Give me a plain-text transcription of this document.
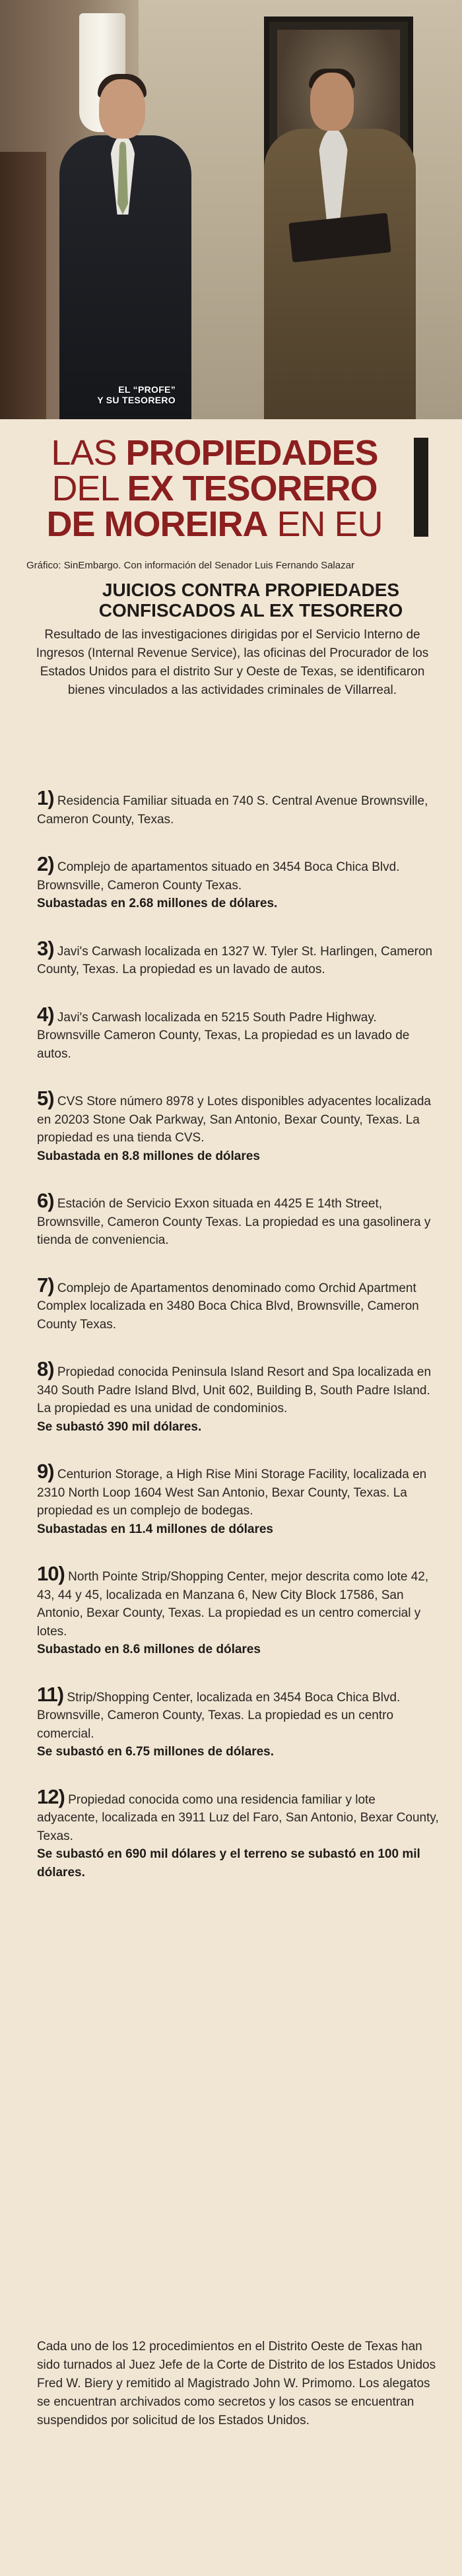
EL “PROFE”
Y SU TESORERO
LAS PROPIEDADES
DEL EX TESORERO
DE MOREIRA EN EU
Gráfico: SinEmbargo. Con información del Senador Luis Fernando Salazar
JUICIOS CONTRA PROPIEDADES
CONFISCADOS AL EX TESORERO
Resultado de las investigaciones dirigidas por el Servicio Interno de Ingresos (Internal Revenue Service), las oficinas del Procurador de los Estados Unidos para el distrito Sur y Oeste de Texas, se identificaron bienes vinculados a las actividades criminales de Villarreal.
1) Residencia Familiar situada en 740 S. Central Avenue Brownsville, Cameron County, Texas.
2) Complejo de apartamentos situado en 3454 Boca Chica Blvd. Brownsville, Cameron County Texas.
Subastadas en 2.68 millones de dólares.
3) Javi's Carwash localizada en 1327 W. Tyler St. Harlingen, Cameron County, Texas. La propiedad es un lavado de autos.
4) Javi's Carwash localizada en 5215 South Padre Highway. Brownsville Cameron County, Texas, La propiedad es un lavado de autos.
5) CVS Store número 8978 y Lotes disponibles adyacentes localizada en 20203 Stone Oak Parkway, San Antonio, Bexar County, Texas. La propiedad es una tienda CVS.
Subastada en 8.8 millones de dólares
6) Estación de Servicio Exxon situada en 4425 E 14th Street, Brownsville, Cameron County Texas. La propiedad es una gasolinera y tienda de conveniencia.
7) Complejo de Apartamentos denominado como Orchid Apartment Complex localizada en 3480 Boca Chica Blvd, Brownsville, Cameron County Texas.
8) Propiedad conocida Peninsula Island Resort and Spa localizada en 340 South Padre Island Blvd, Unit 602, Building B, South Padre Island. La propiedad es una unidad de condominios.
Se subastó 390 mil dólares.
9) Centurion Storage, a High Rise Mini Storage Facility, localizada en 2310 North Loop 1604 West San Antonio, Bexar County, Texas. La propiedad es un complejo de bodegas.
Subastadas en 11.4 millones de dólares
10) North Pointe Strip/Shopping Center, mejor descrita como lote 42, 43, 44 y 45, localizada en Manzana 6, New City Block 17586, San Antonio, Bexar County, Texas. La propiedad es un centro comercial y lotes.
Subastado en 8.6 millones de dólares
11) Strip/Shopping Center, localizada en 3454 Boca Chica Blvd. Brownsville, Cameron County, Texas. La propiedad es un centro comercial.
Se subastó en 6.75 millones de dólares.
12) Propiedad conocida como una residencia familiar y lote adyacente, localizada en 3911 Luz del Faro, San Antonio, Bexar County, Texas.
Se subastó en 690 mil dólares y el terreno se subastó en 100 mil dólares.
Cada uno de los 12 procedimientos en el Distrito Oeste de Texas han sido turnados al Juez Jefe de la Corte de Distrito de los Estados Unidos Fred W. Biery y remitido al Magistrado John W. Primomo. Los alegatos se encuentran archivados como secretos y los casos se encuentran suspendidos por solicitud de los Estados Unidos.
